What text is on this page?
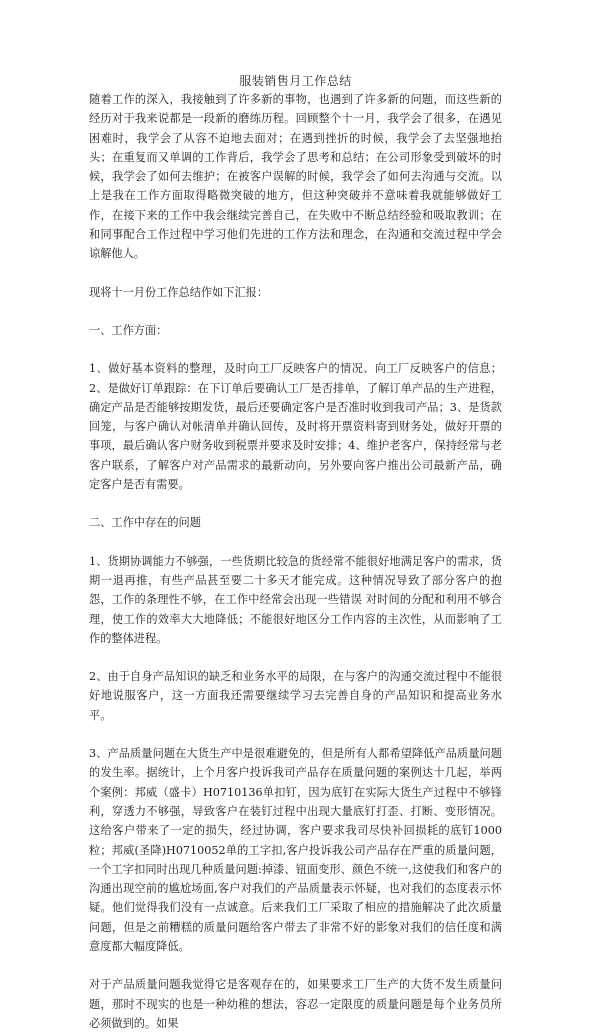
服装销售月工作总结

随着工作的深入，我接触到了许多新的事物，也遇到了许多新的问题，而这些新的经历对于我来说都是一段新的磨练历程。回顾整个十一月，我学会了很多，在遇见困难时，我学会了从容不迫地去面对；在遇到挫折的时候，我学会了去坚强地抬头；在重复而又单调的工作背后，我学会了思考和总结；在公司形象受到破坏的时候，我学会了如何去维护；在被客户误解的时候，我学会了如何去沟通与交流。以上是我在工作方面取得略微突破的地方，但这种突破并不意味着我就能够做好工作，在接下来的工作中我会继续完善自己，在失败中不断总结经验和吸取教训；在和同事配合工作过程中学习他们先进的工作方法和理念，在沟通和交流过程中学会谅解他人。

现将十一月份工作总结作如下汇报：

一、工作方面：

1、做好基本资料的整理，及时向工厂反映客户的情况、向工厂反映客户的信息；2、是做好订单跟踪：在下订单后要确认工厂是否排单，了解订单产品的生产进程，确定产品是否能够按期发货，最后还要确定客户是否准时收到我司产品；3、是货款回笼，与客户确认对帐清单并确认回传，及时将开票资料寄到财务处，做好开票的事项，最后确认客户财务收到税票并要求及时安排；4、维护老客户，保持经常与老客户联系，了解客户对产品需求的最新动向，另外要向客户推出公司最新产品，确定客户是否有需要。

二、工作中存在的问题

1、货期协调能力不够强，一些货期比较急的货经常不能很好地满足客户的需求，货期一退再推，有些产品甚至要二十多天才能完成。这种情况导致了部分客户的抱怨，工作的条理性不够，在工作中经常会出现一些错误 对时间的分配和利用不够合理，使工作的效率大大地降低；不能很好地区分工作内容的主次性，从而影响了工作的整体进程。

2、由于自身产品知识的缺乏和业务水平的局限，在与客户的沟通交流过程中不能很好地说服客户，这一方面我还需要继续学习去完善自身的产品知识和提高业务水平。

3、产品质量问题在大货生产中是很难避免的，但是所有人都希望降低产品质量问题的发生率。据统计，上个月客户投诉我司产品存在质量问题的案例达十几起，举两个案例：邦威（盛卡）H0710136单扣钉，因为底钉在实际大货生产过程中不够锋利，穿透力不够强，导致客户在装钉过程中出现大量底钉打歪、打断、变形情况。这给客户带来了一定的损失，经过协调，客户要求我司尽快补回损耗的底钉1000粒；邦威(圣降)H0710052单的工字扣,客户投诉我公司产品存在严重的质量问题，一个工字扣同时出现几种质量问题:掉漆、钮面变形、颜色不统一,这使我们和客户的沟通出现空前的尴尬场面,客户对我们的产品质量表示怀疑，也对我们的态度表示怀疑。他们觉得我们没有一点诚意。后来我们工厂采取了相应的措施解决了此次质量问题，但是之前糟糕的质量问题给客户带去了非常不好的影象对我们的信任度和满意度都大幅度降低。

对于产品质量问题我觉得它是客观存在的，如果要求工厂生产的大货不发生质量问题，那时不现实的也是一种幼稚的想法，容忍一定限度的质量问题是每个业务员所必须做到的。如果
